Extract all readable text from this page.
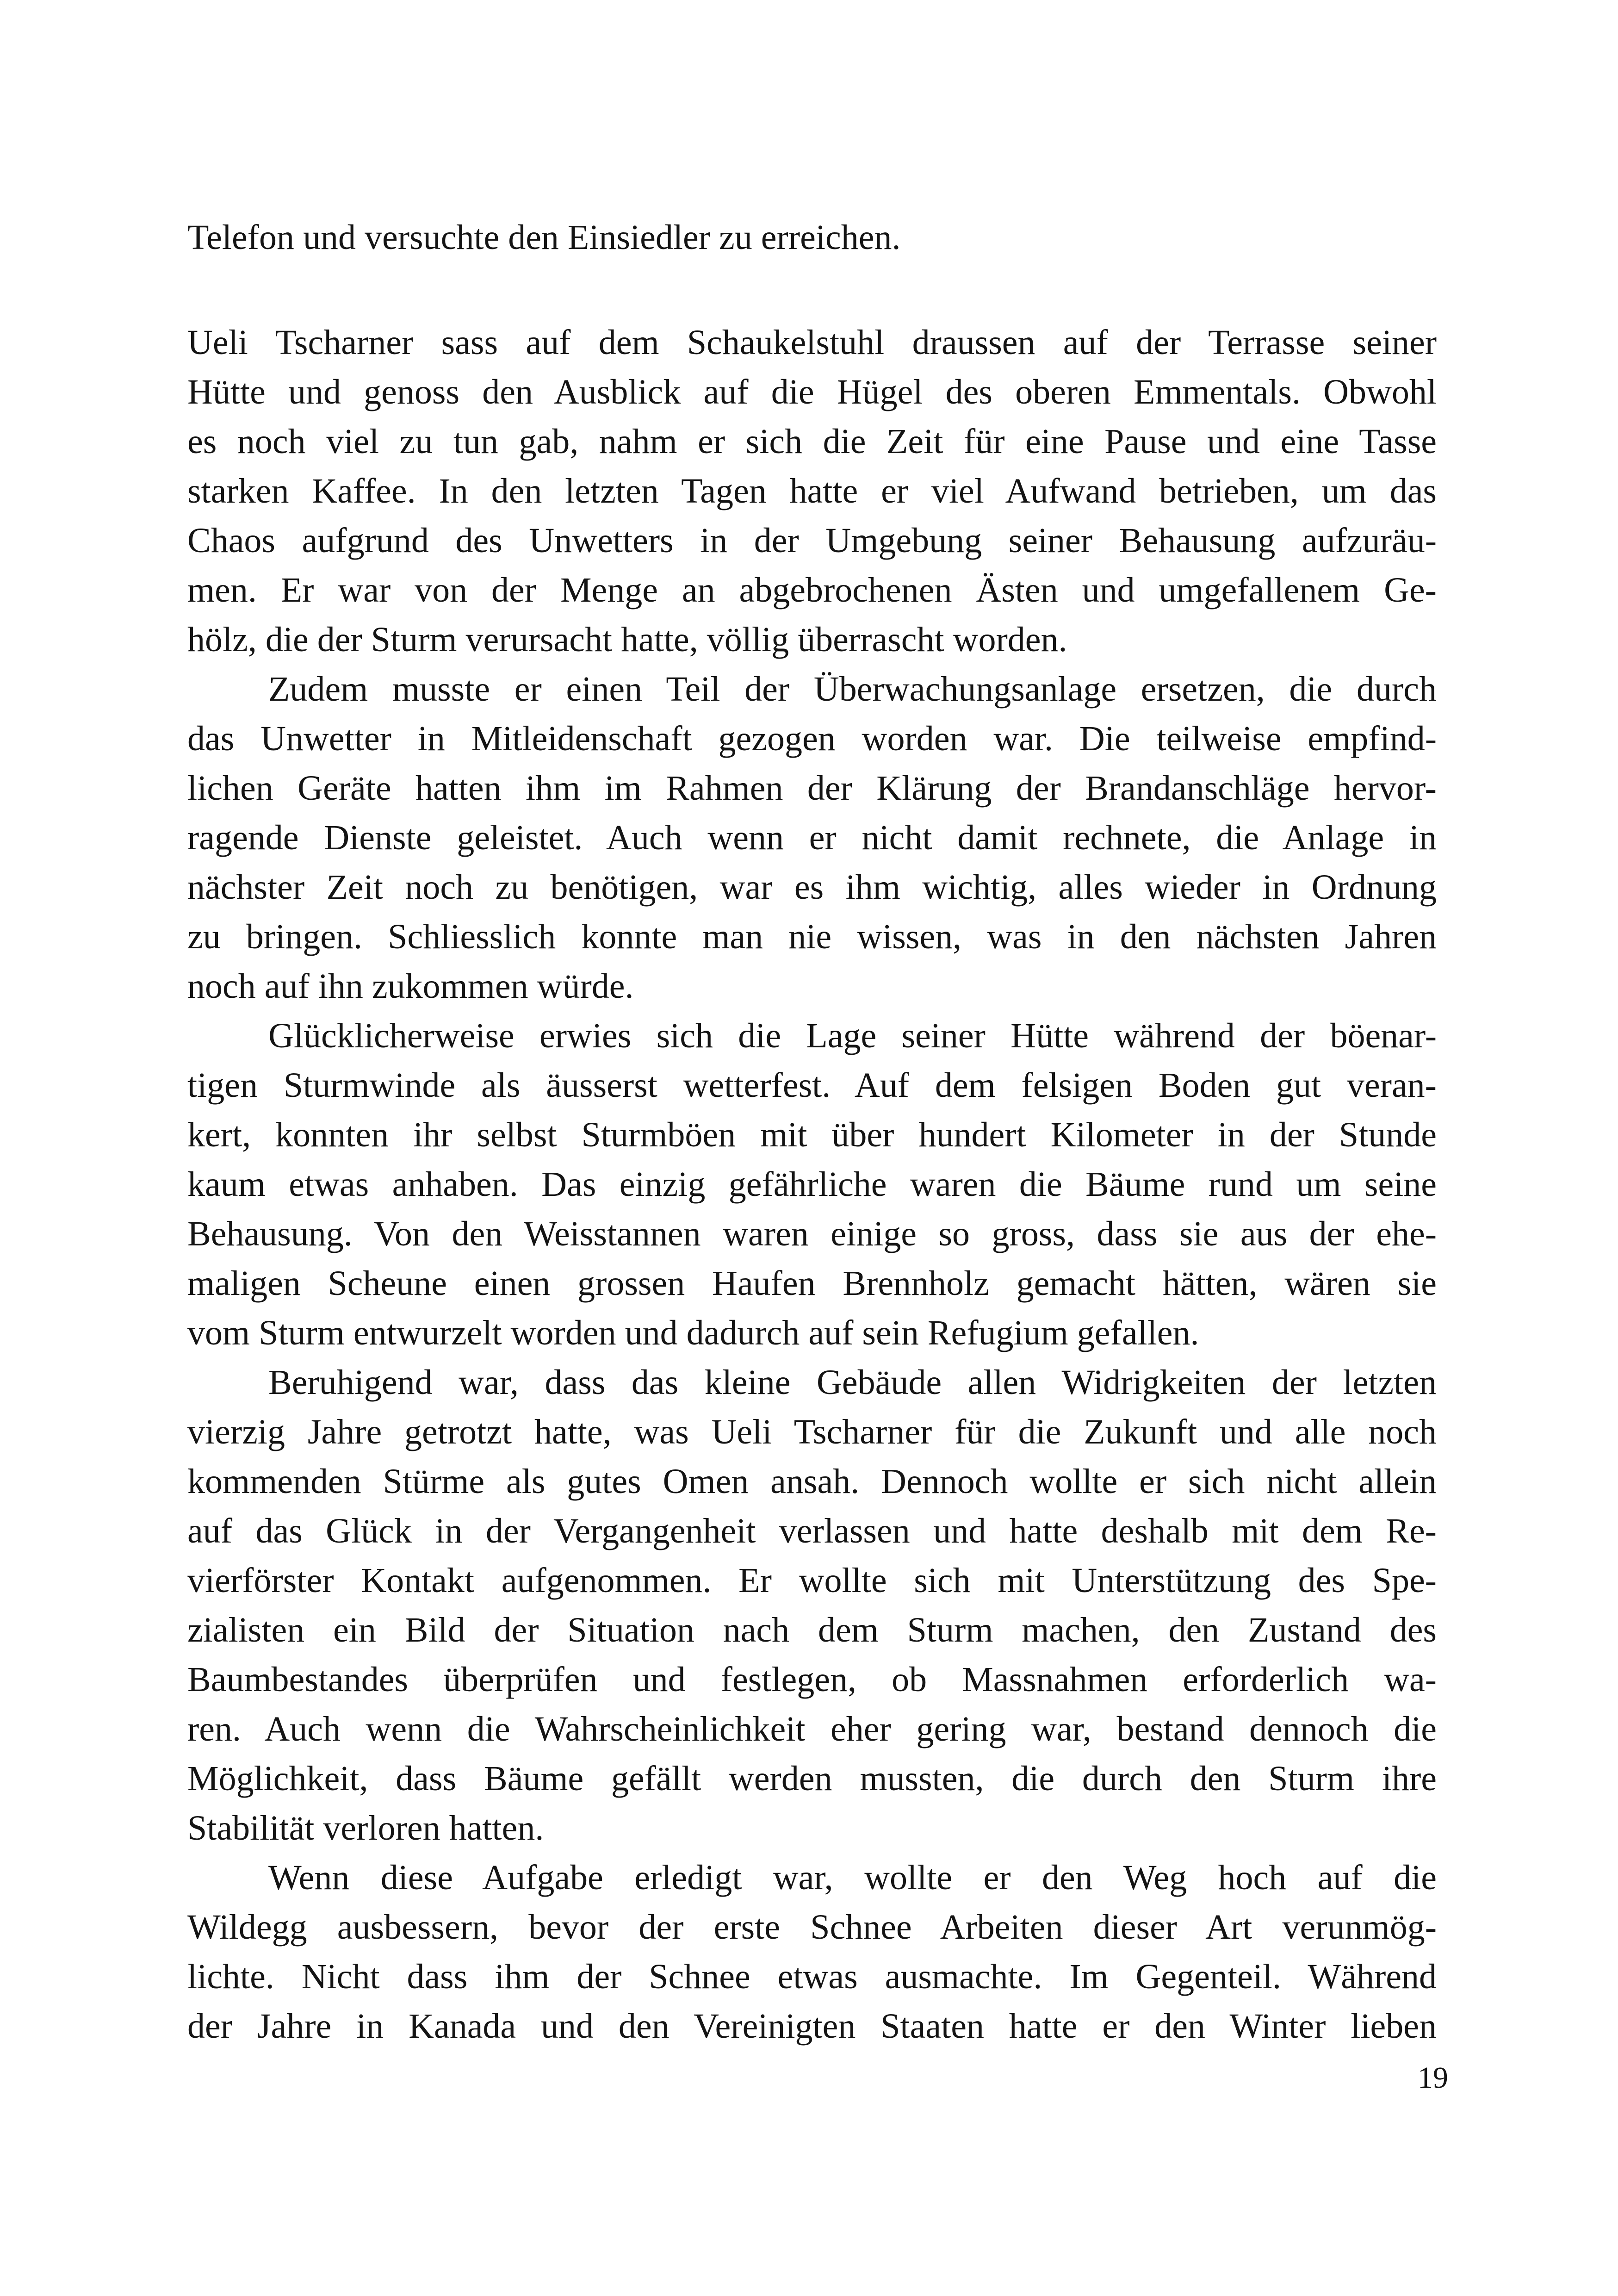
Telefon und versuchte den Einsiedler zu erreichen.
Ueli Tscharner sass auf dem Schaukelstuhl draussen auf der Terrasse seiner
Hütte und genoss den Ausblick auf die Hügel des oberen Emmentals. Obwohl
es noch viel zu tun gab, nahm er sich die Zeit für eine Pause und eine Tasse
starken Kaffee. In den letzten Tagen hatte er viel Aufwand betrieben, um das
Chaos aufgrund des Unwetters in der Umgebung seiner Behausung aufzuräu-
men. Er war von der Menge an abgebrochenen Ästen und umgefallenem Ge-
hölz, die der Sturm verursacht hatte, völlig überrascht worden.
Zudem musste er einen Teil der Überwachungsanlage ersetzen, die durch
das Unwetter in Mitleidenschaft gezogen worden war. Die teilweise empfind-
lichen Geräte hatten ihm im Rahmen der Klärung der Brandanschläge hervor-
ragende Dienste geleistet. Auch wenn er nicht damit rechnete, die Anlage in
nächster Zeit noch zu benötigen, war es ihm wichtig, alles wieder in Ordnung
zu bringen. Schliesslich konnte man nie wissen, was in den nächsten Jahren
noch auf ihn zukommen würde.
Glücklicherweise erwies sich die Lage seiner Hütte während der böenar-
tigen Sturmwinde als äusserst wetterfest. Auf dem felsigen Boden gut veran-
kert, konnten ihr selbst Sturmböen mit über hundert Kilometer in der Stunde
kaum etwas anhaben. Das einzig gefährliche waren die Bäume rund um seine
Behausung. Von den Weisstannen waren einige so gross, dass sie aus der ehe-
maligen Scheune einen grossen Haufen Brennholz gemacht hätten, wären sie
vom Sturm entwurzelt worden und dadurch auf sein Refugium gefallen.
Beruhigend war, dass das kleine Gebäude allen Widrigkeiten der letzten
vierzig Jahre getrotzt hatte, was Ueli Tscharner für die Zukunft und alle noch
kommenden Stürme als gutes Omen ansah. Dennoch wollte er sich nicht allein
auf das Glück in der Vergangenheit verlassen und hatte deshalb mit dem Re-
vierförster Kontakt aufgenommen. Er wollte sich mit Unterstützung des Spe-
zialisten ein Bild der Situation nach dem Sturm machen, den Zustand des
Baumbestandes überprüfen und festlegen, ob Massnahmen erforderlich wa-
ren. Auch wenn die Wahrscheinlichkeit eher gering war, bestand dennoch die
Möglichkeit, dass Bäume gefällt werden mussten, die durch den Sturm ihre
Stabilität verloren hatten.
Wenn diese Aufgabe erledigt war, wollte er den Weg hoch auf die
Wildegg ausbessern, bevor der erste Schnee Arbeiten dieser Art verunmög-
lichte. Nicht dass ihm der Schnee etwas ausmachte. Im Gegenteil. Während
der Jahre in Kanada und den Vereinigten Staaten hatte er den Winter lieben
19
